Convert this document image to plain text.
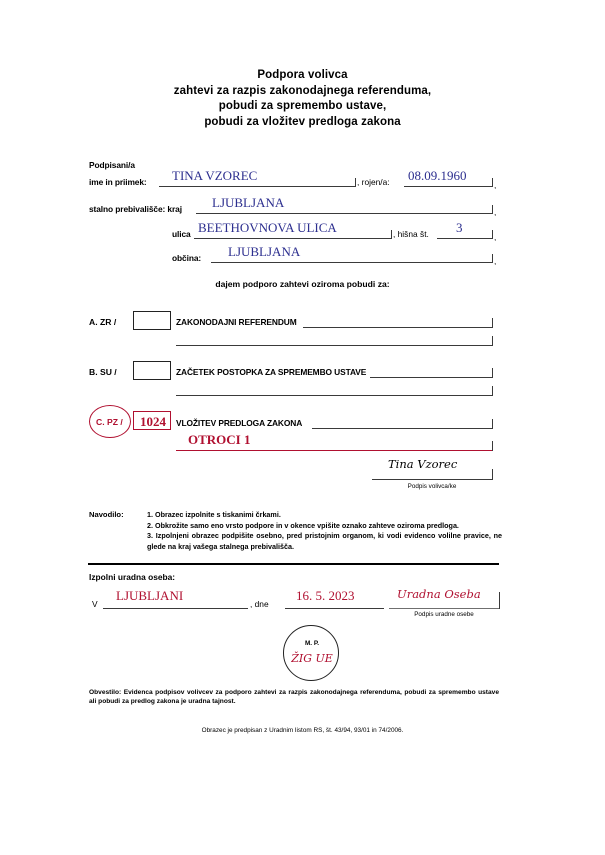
Podpora volivca
zahtevi za razpis zakonodajnega referenduma,
pobudi za spremembo ustave,
pobudi za vložitev predloga zakona
Podpisani/a
ime in priimek: TINA VZOREC	, rojen/a: 08.09.1960
,
stalno prebivališče: kraj LJUBLJANA
,
ulica BEETHOVNOVA ULICA	, hišna št. 3
,
občina: LJUBLJANA
,
dajem podporo zahtevi oziroma pobudi za:
A. ZR /	ZAKONODAJNI REFERENDUM
B. SU /	ZAČETEK POSTOPKA ZA SPREMEMBO USTAVE
C. PZ /	1024	VLOŽITEV PREDLOGA ZAKONA
OTROCI 1
Tina Vzorec
Podpis volivca/ke
Navodilo:	1. Obrazec izpolnite s tiskanimi črkami.
2. Obkrožite samo eno vrsto podpore in v okence vpišite oznako zahteve oziroma predloga.
3. Izpolnjeni obrazec podpišite osebno, pred pristojnim organom, ki vodi evidenco volilne pravice, ne glede na kraj vašega stalnega prebivališča.
Izpolni uradna oseba:
V
LJUBLJANI
, dne
16. 5. 2023	Uradna Oseba
Podpis uradne osebe
M. P.
ŽIG UE
Obvestilo: Evidenca podpisov volivcev za podporo zahtevi za razpis zakonodajnega referenduma, pobudi za spremembo ustave ali pobudi za predlog zakona je uradna tajnost.
Obrazec je predpisan z Uradnim listom RS, št. 43/94, 93/01 in 74/2006.
